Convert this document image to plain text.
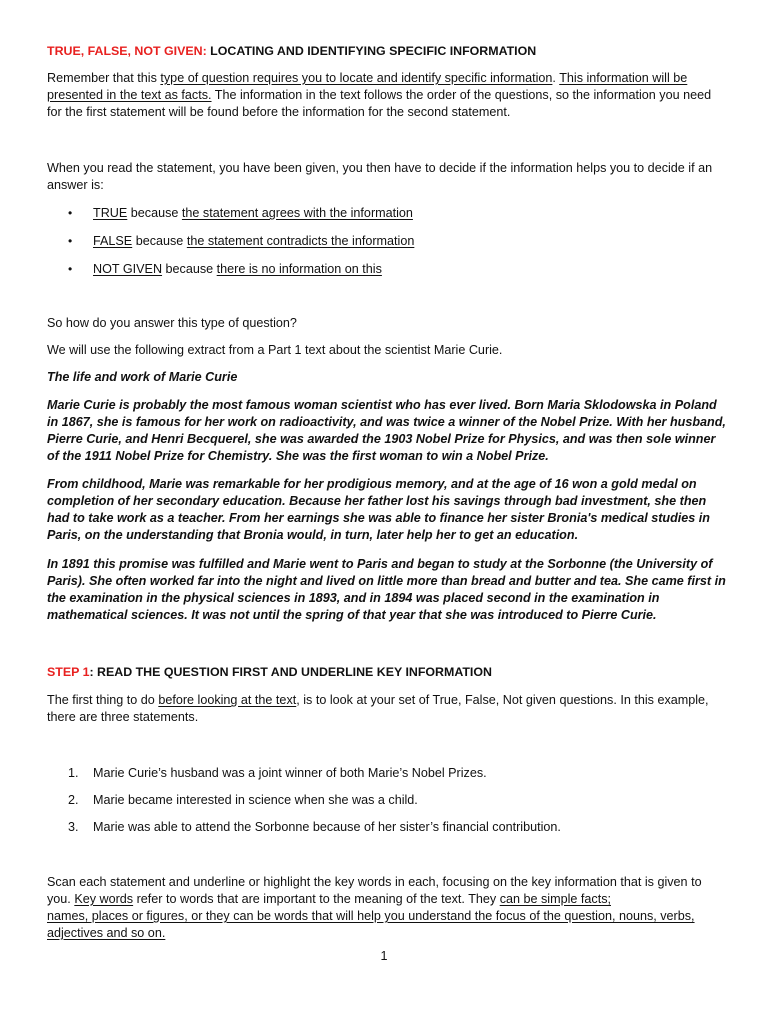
TRUE, FALSE, NOT GIVEN: LOCATING AND IDENTIFYING SPECIFIC INFORMATION

Remember that this type of question requires you to locate and identify specific information. This information will be presented in the text as facts. The information in the text follows the order of the questions, so the information you need for the first statement will be found before the information for the second statement.

When you read the statement, you have been given, you then have to decide if the information helps you to decide if an answer is:

• TRUE because the statement agrees with the information
• FALSE because the statement contradicts the information
• NOT GIVEN because there is no information on this

So how do you answer this type of question?

We will use the following extract from a Part 1 text about the scientist Marie Curie.

The life and work of Marie Curie

Marie Curie is probably the most famous woman scientist who has ever lived. Born Maria Sklodowska in Poland in 1867, she is famous for her work on radioactivity, and was twice a winner of the Nobel Prize. With her husband, Pierre Curie, and Henri Becquerel, she was awarded the 1903 Nobel Prize for Physics, and was then sole winner of the 1911 Nobel Prize for Chemistry. She was the first woman to win a Nobel Prize.

From childhood, Marie was remarkable for her prodigious memory, and at the age of 16 won a gold medal on completion of her secondary education. Because her father lost his savings through bad investment, she then had to take work as a teacher. From her earnings she was able to finance her sister Bronia's medical studies in Paris, on the understanding that Bronia would, in turn, later help her to get an education.

In 1891 this promise was fulfilled and Marie went to Paris and began to study at the Sorbonne (the University of Paris). She often worked far into the night and lived on little more than bread and butter and tea. She came first in the examination in the physical sciences in 1893, and in 1894 was placed second in the examination in mathematical sciences. It was not until the spring of that year that she was introduced to Pierre Curie.

STEP 1: READ THE QUESTION FIRST AND UNDERLINE KEY INFORMATION

The first thing to do before looking at the text, is to look at your set of True, False, Not given questions. In this example, there are three statements.

1. Marie Curie’s husband was a joint winner of both Marie’s Nobel Prizes.
2. Marie became interested in science when she was a child.
3. Marie was able to attend the Sorbonne because of her sister’s financial contribution.

Scan each statement and underline or highlight the key words in each, focusing on the key information that is given to you. Key words refer to words that are important to the meaning of the text. They can be simple facts;
names, places or figures, or they can be words that will help you understand the focus of the question, nouns, verbs, adjectives and so on.

1
